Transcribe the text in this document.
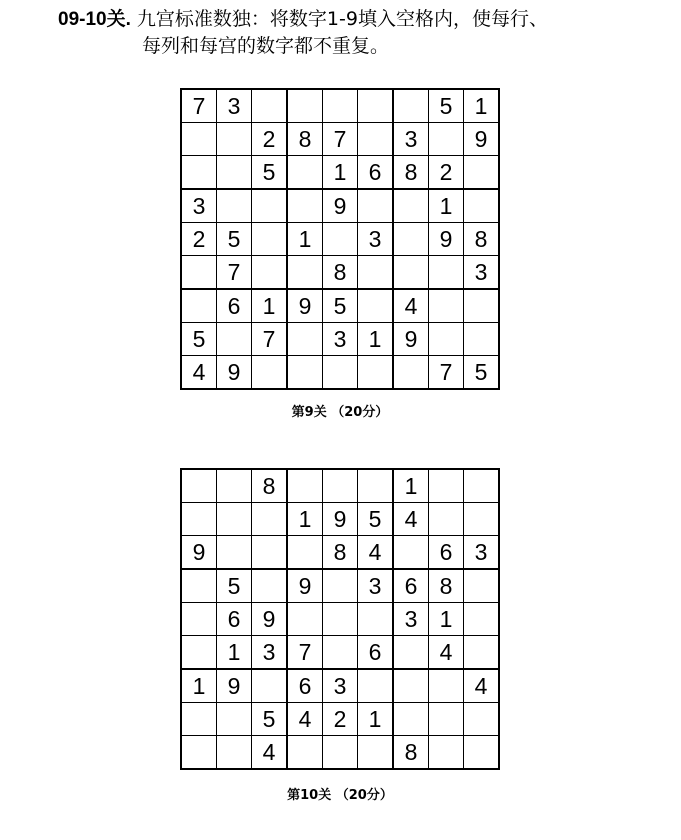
09-10关. 九宫标准数独：将数字1-9填入空格内，使每行、
每列和每宫的数字都不重复。
7	3						5	1
		2	8	7		3		9
		5		1	6	8	2	
3				9			1	
2	5		1		3		9	8
	7			8				3
	6	1	9	5		4		
5		7		3	1	9		
4	9						7	5
第9关 （20分）
		8				1		
			1	9	5	4		
9				8	4		6	3
	5		9		3	6	8	
	6	9				3	1	
	1	3	7		6		4	
1	9		6	3				4
		5	4	2	1			
		4				8		
第10关 （20分）
